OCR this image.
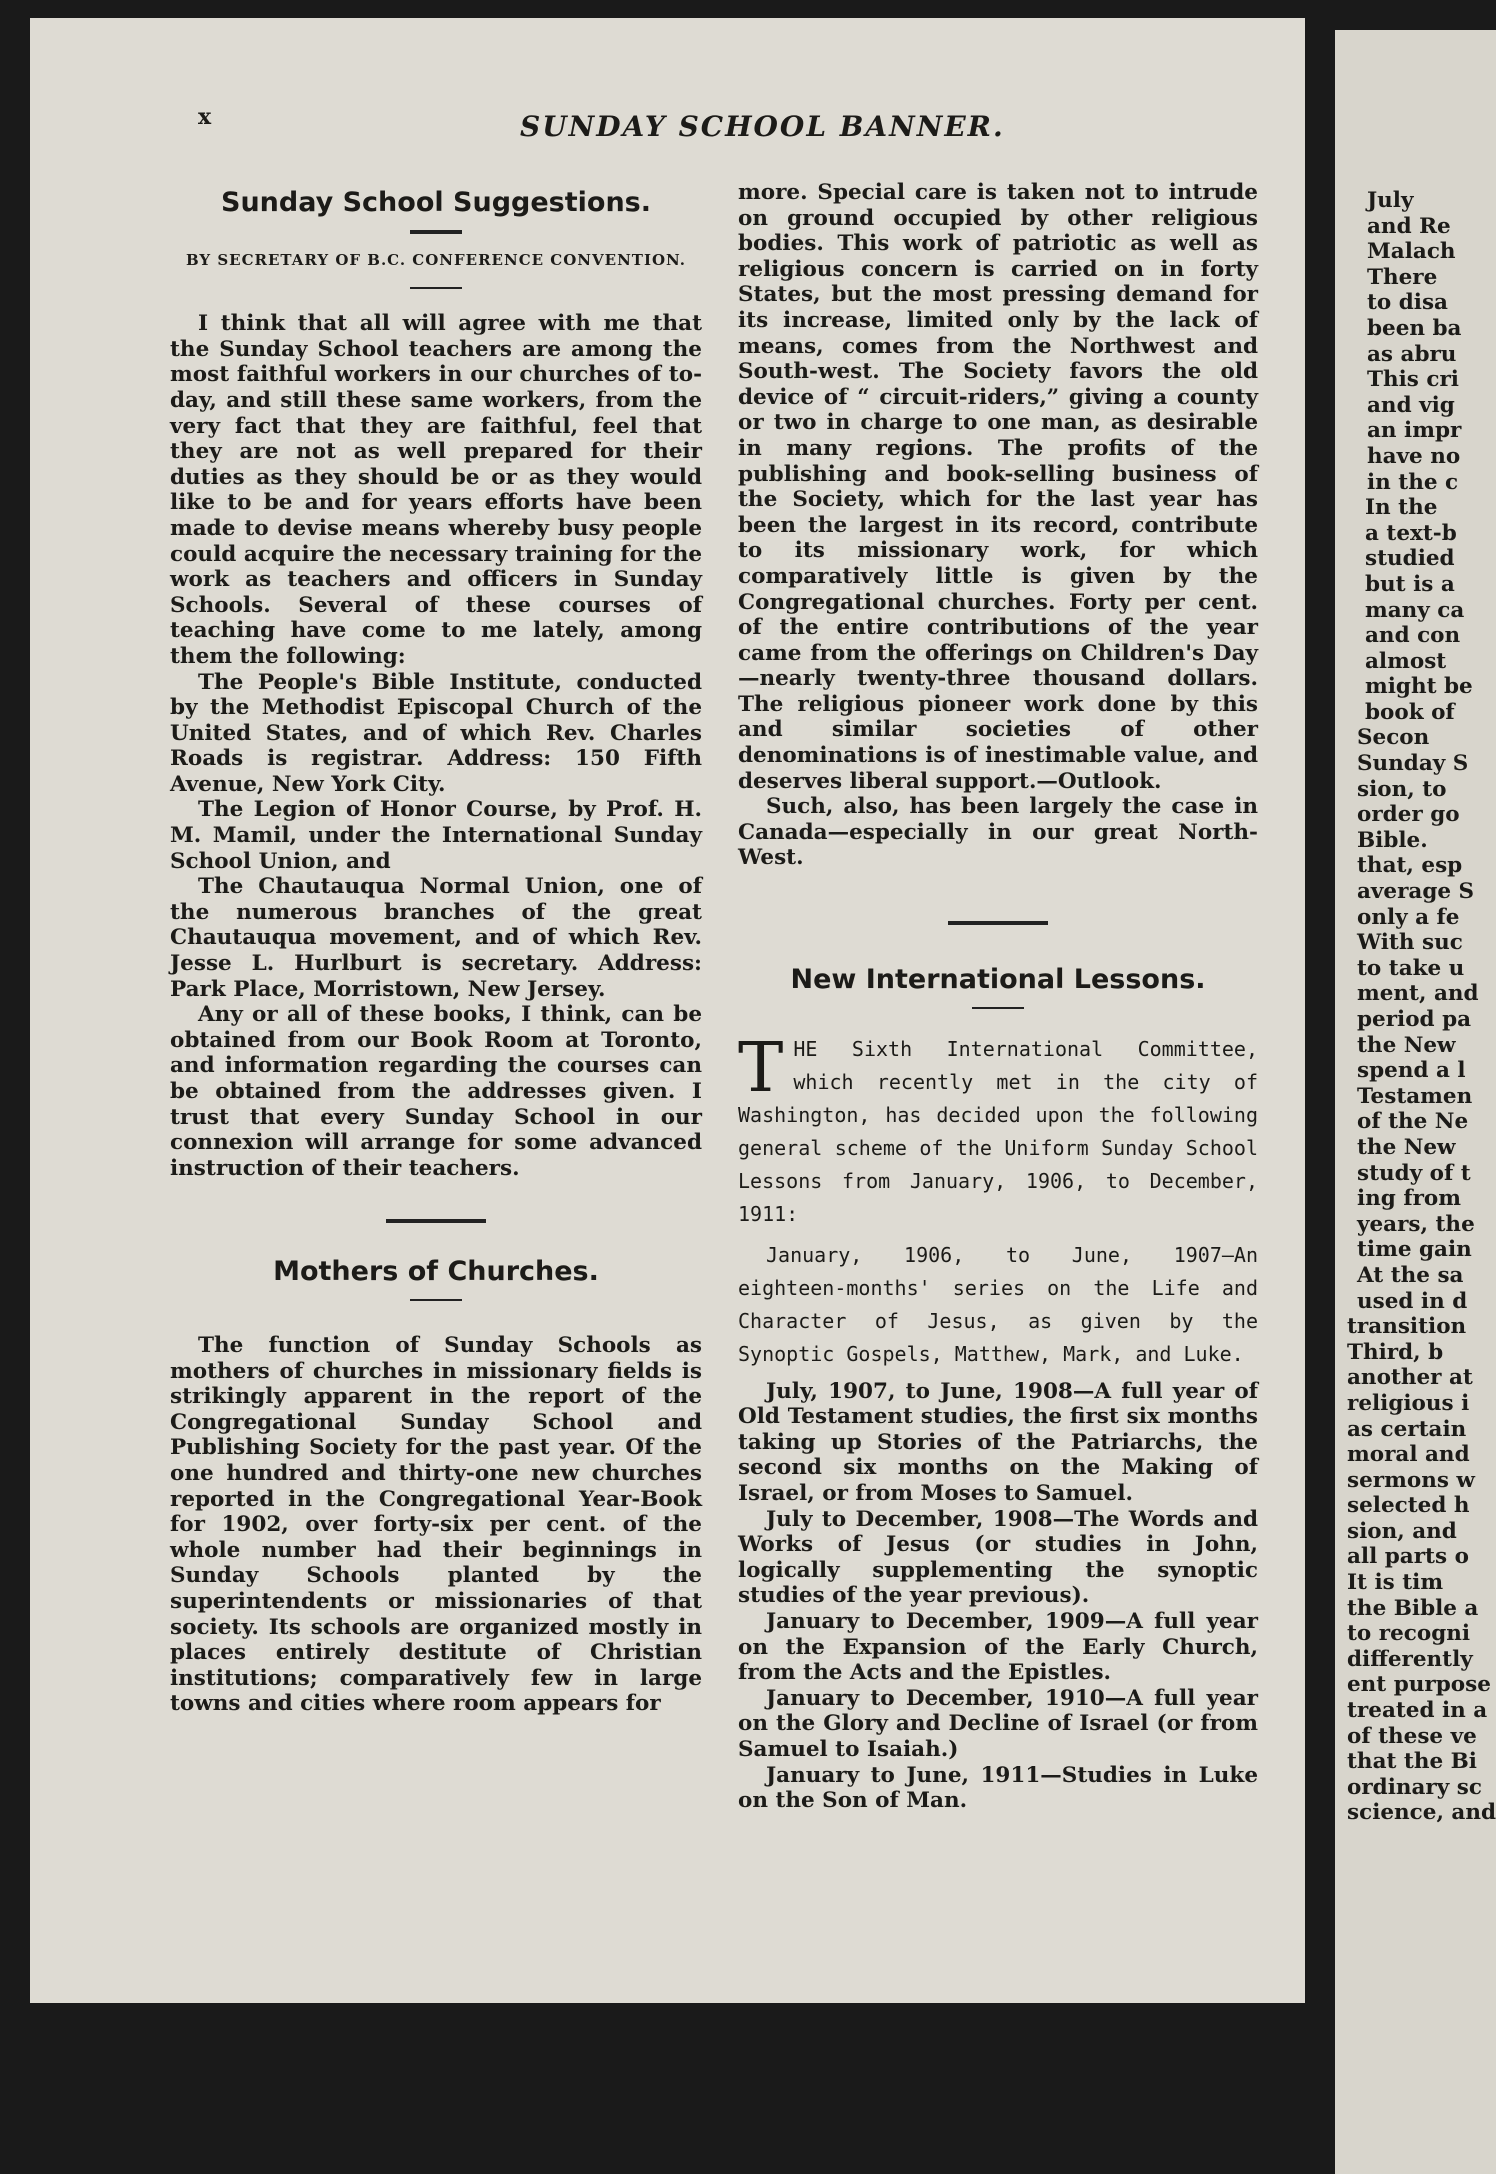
July

and Re

Malach

There

to disa

been ba

as abru

This cri

and vig

an impr

have no

in the c

In the

a text-b

studied

but is a

many ca

and con

almost

might be

book of

Secon

Sunday S

sion, to

order go

Bible.

that, esp

average S

only a fe

With suc

to take u

ment, and

period pa

the New

spend a l

Testamen

of the Ne

the New

study of t

ing from

years, the

time gain

At the sa

used in d

transition

Third, b

another at

religious i

as certain

moral and

sermons w

selected h

sion, and

all parts o

It is tim

the Bible a

to recogni

differently

ent purpose

treated in a

of these ve

that the Bi

ordinary sc

science, and

x	SUNDAY SCHOOL BANNER.
Sunday School Suggestions.
BY SECRETARY OF B.C. CONFERENCE CONVENTION.

I think that all will agree with me that the Sunday School teachers are among the most faithful workers in our churches of to-day, and still these same workers, from the very fact that they are faithful, feel that they are not as well prepared for their duties as they should be or as they would like to be and for years efforts have been made to devise means whereby busy people could acquire the necessary training for the work as teachers and officers in Sunday Schools. Several of these courses of teaching have come to me lately, among them the following:

The People's Bible Institute, conducted by the Methodist Episcopal Church of the United States, and of which Rev. Charles Roads is registrar. Address: 150 Fifth Avenue, New York City.

The Legion of Honor Course, by Prof. H. M. Mamil, under the International Sunday School Union, and

The Chautauqua Normal Union, one of the numerous branches of the great Chautauqua movement, and of which Rev. Jesse L. Hurlburt is secretary. Address: Park Place, Morristown, New Jersey.

Any or all of these books, I think, can be obtained from our Book Room at Toronto, and information regarding the courses can be obtained from the addresses given. I trust that every Sunday School in our connexion will arrange for some advanced instruction of their teachers.

Mothers of Churches.

The function of Sunday Schools as mothers of churches in missionary fields is strikingly apparent in the report of the Congregational Sunday School and Publishing Society for the past year. Of the one hundred and thirty-one new churches reported in the Congregational Year-Book for 1902, over forty-six per cent. of the whole number had their beginnings in Sunday Schools planted by the superintendents or missionaries of that society. Its schools are organized mostly in places entirely destitute of Christian institutions; comparatively few in large towns and cities where room appears for

more. Special care is taken not to intrude on ground occupied by other religious bodies. This work of patriotic as well as religious concern is carried on in forty States, but the most pressing demand for its increase, limited only by the lack of means, comes from the Northwest and South-west. The Society favors the old device of “ circuit-riders,” giving a county or two in charge to one man, as desirable in many regions. The profits of the publishing and book-selling business of the Society, which for the last year has been the largest in its record, contribute to its missionary work, for which comparatively little is given by the Congregational churches. Forty per cent. of the entire contributions of the year came from the offerings on Children's Day—nearly twenty-three thousand dollars. The religious pioneer work done by this and similar societies of other denominations is of inestimable value, and deserves liberal support.—Outlook.

Such, also, has been largely the case in Canada—especially in our great North-West.

New International Lessons.

THE Sixth International Committee, which recently met in the city of Washington, has decided upon the following general scheme of the Uniform Sunday School Lessons from January, 1906, to December, 1911:

January, 1906, to June, 1907—An eighteen-months' series on the Life and Character of Jesus, as given by the Synoptic Gospels, Matthew, Mark, and Luke.

July, 1907, to June, 1908—A full year of Old Testament studies, the first six months taking up Stories of the Patriarchs, the second six months on the Making of Israel, or from Moses to Samuel.

July to December, 1908—The Words and Works of Jesus (or studies in John, logically supplementing the synoptic studies of the year previous).

January to December, 1909—A full year on the Expansion of the Early Church, from the Acts and the Epistles.

January to December, 1910—A full year on the Glory and Decline of Israel (or from Samuel to Isaiah.)

January to June, 1911—Studies in Luke on the Son of Man.
